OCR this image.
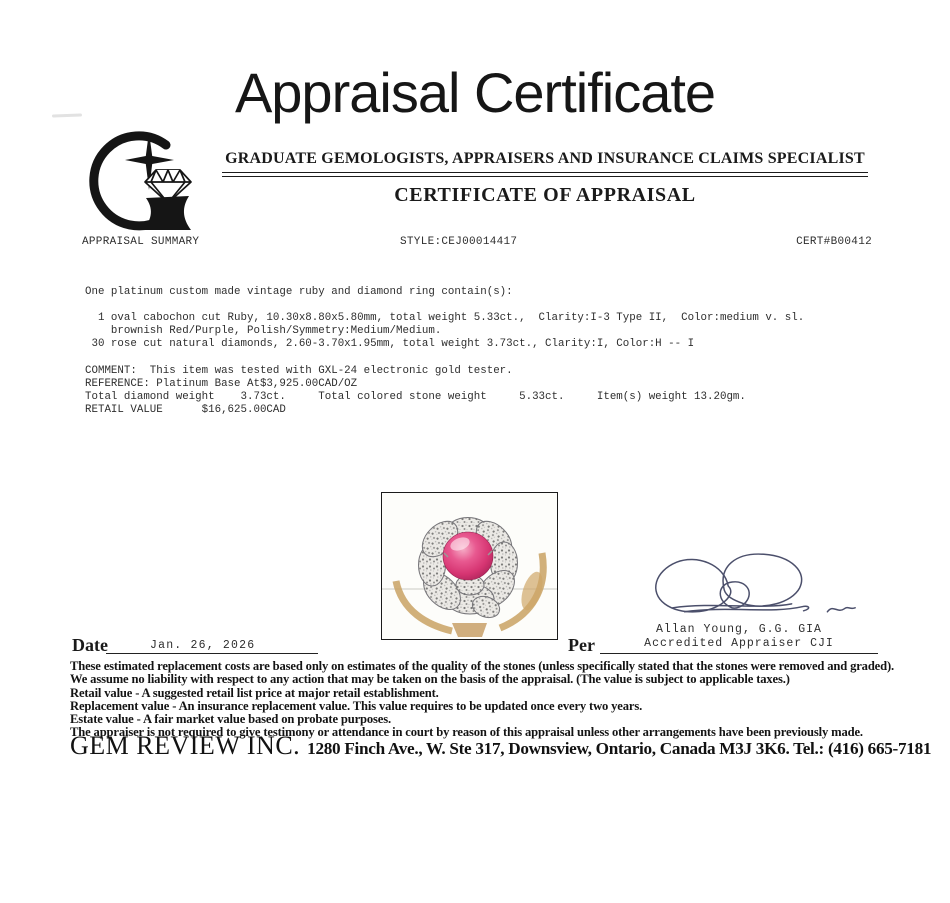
Appraisal Certificate
GRADUATE GEMOLOGISTS, APPRAISERS AND INSURANCE CLAIMS SPECIALIST
CERTIFICATE OF APPRAISAL
APPRAISAL SUMMARY	STYLE:CEJ00014417	CERT#B00412
One platinum custom made vintage ruby and diamond ring contain(s):
1 oval cabochon cut Ruby, 10.30x8.80x5.80mm, total weight 5.33ct.,  Clarity:I-3 Type II,  Color:medium v. sl.
brownish Red/Purple, Polish/Symmetry:Medium/Medium.
30 rose cut natural diamonds, 2.60-3.70x1.95mm, total weight 3.73ct., Clarity:I, Color:H -- I
COMMENT:  This item was tested with GXL-24 electronic gold tester.
REFERENCE: Platinum Base At$3,925.00CAD/OZ
Total diamond weight    3.73ct.     Total colored stone weight     5.33ct.     Item(s) weight 13.20gm.
RETAIL VALUE      $16,625.00CAD
Allan Young, G.G. GIA
Accredited Appraiser CJI
Date	Jan. 26, 2026	Per
These estimated replacement costs are based only on estimates of the quality of the stones (unless specifically stated that the stones were removed and graded).
We assume no liability with respect to any action that may be taken on the basis of the appraisal. (The value is subject to applicable taxes.)
Retail value - A suggested retail list price at major retail establishment.
Replacement value - An insurance replacement value. This value requires to be updated once every two years.
Estate value - A fair market value based on probate purposes.
The appraiser is not required to give testimony or attendance in court by reason of this appraisal unless other arrangements have been previously made.
GEM REVIEW INC. 1280 Finch Ave., W. Ste 317, Downsview, Ontario, Canada M3J 3K6. Tel.: (416) 665-7181
